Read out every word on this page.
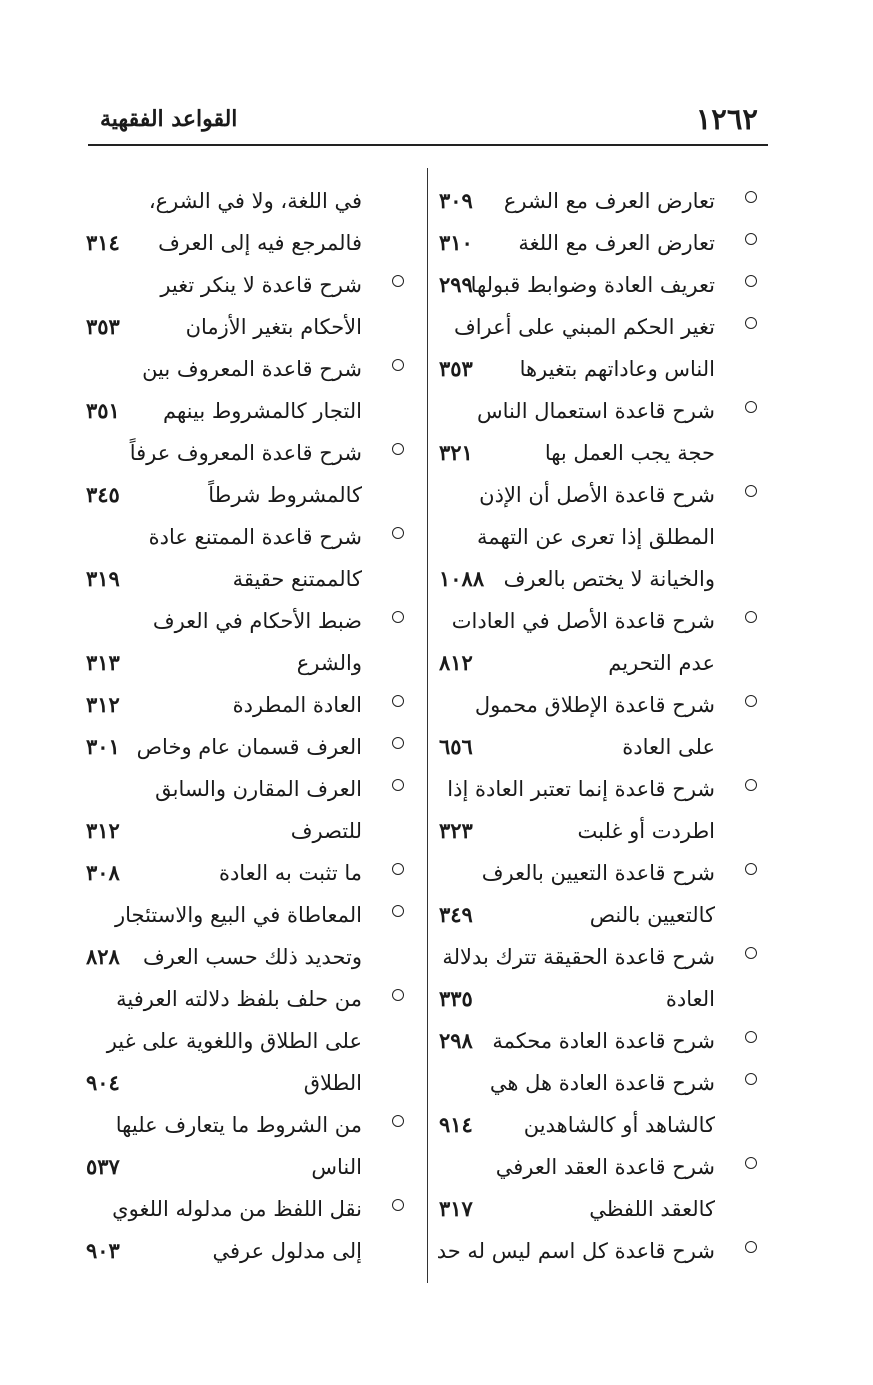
١٢٦٢
القواعد الفقهية
تعارض العرف مع الشرع
٣٠٩
تعارض العرف مع اللغة
٣١٠
تعريف العادة وضوابط قبولها
٢٩٩
تغير الحكم المبني على أعراف
الناس وعاداتهم بتغيرها
٣٥٣
شرح قاعدة استعمال الناس
حجة يجب العمل بها
٣٢١
شرح قاعدة الأصل أن الإذن
المطلق إذا تعرى عن التهمة
والخيانة لا يختص بالعرف
١٠٨٨
شرح قاعدة الأصل في العادات
عدم التحريم
٨١٢
شرح قاعدة الإطلاق محمول
على العادة
٦٥٦
شرح قاعدة إنما تعتبر العادة إذا
اطردت أو غلبت
٣٢٣
شرح قاعدة التعيين بالعرف
كالتعيين بالنص
٣٤٩
شرح قاعدة الحقيقة تترك بدلالة
العادة
٣٣٥
شرح قاعدة العادة محكمة
٢٩٨
شرح قاعدة العادة هل هي
كالشاهد أو كالشاهدين
٩١٤
شرح قاعدة العقد العرفي
كالعقد اللفظي
٣١٧
شرح قاعدة كل اسم ليس له حد
في اللغة، ولا في الشرع،
فالمرجع فيه إلى العرف
٣١٤
شرح قاعدة لا ينكر تغير
الأحكام بتغير الأزمان
٣٥٣
شرح قاعدة المعروف بين
التجار كالمشروط بينهم
٣٥١
شرح قاعدة المعروف عرفاً
كالمشروط شرطاً
٣٤٥
شرح قاعدة الممتنع عادة
كالممتنع حقيقة
٣١٩
ضبط الأحكام في العرف
والشرع
٣١٣
العادة المطردة
٣١٢
العرف قسمان عام وخاص
٣٠١
العرف المقارن والسابق
للتصرف
٣١٢
ما تثبت به العادة
٣٠٨
المعاطاة في البيع والاستئجار
وتحديد ذلك حسب العرف
٨٢٨
من حلف بلفظ دلالته العرفية
على الطلاق واللغوية على غير
الطلاق
٩٠٤
من الشروط ما يتعارف عليها
الناس
٥٣٧
نقل اللفظ من مدلوله اللغوي
إلى مدلول عرفي
٩٠٣
